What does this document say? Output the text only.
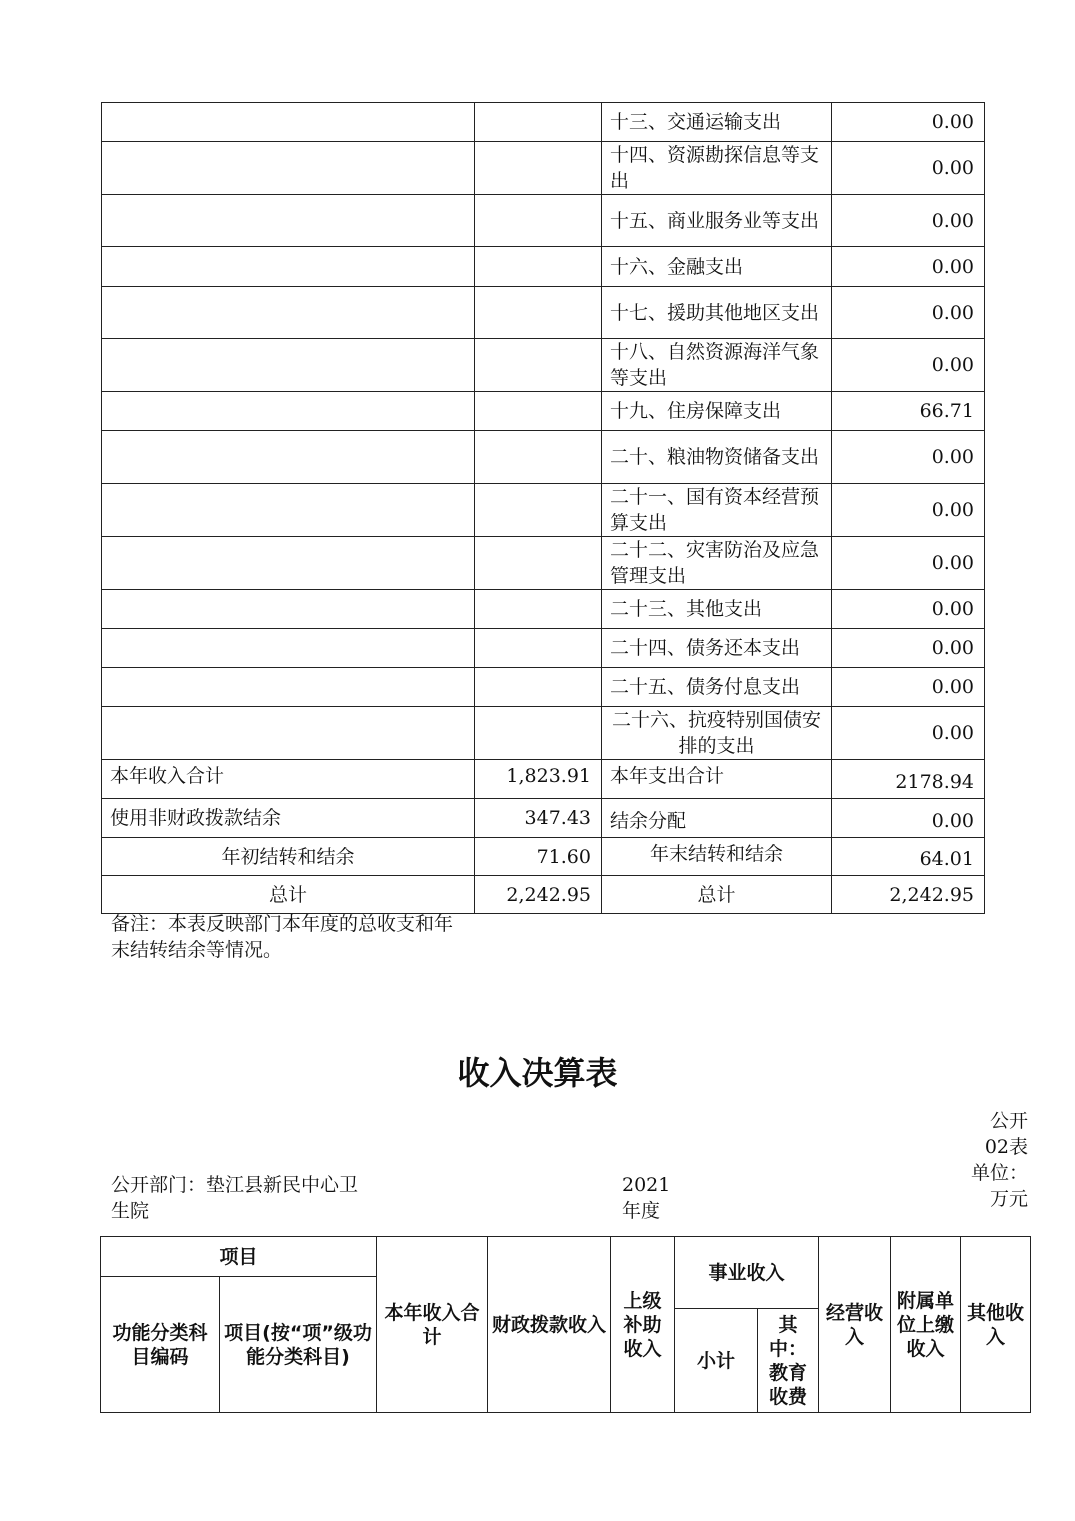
		十三、交通运输支出	0.00
		十四、资源勘探信息等支出	0.00
		十五、商业服务业等支出	0.00
		十六、金融支出	0.00
		十七、援助其他地区支出	0.00
		十八、自然资源海洋气象等支出	0.00
		十九、住房保障支出	66.71
		二十、粮油物资储备支出	0.00
		二十一、国有资本经营预算支出	0.00
		二十二、灾害防治及应急管理支出	0.00
		二十三、其他支出	0.00
		二十四、债务还本支出	0.00
		二十五、债务付息支出	0.00
		二十六、抗疫特别国债安排的支出	0.00
本年收入合计	1,823.91	本年支出合计	2178.94
使用非财政拨款结余	347.43	结余分配	0.00
年初结转和结余	71.60	年末结转和结余	64.01
总计	2,242.95	总计	2,242.95
备注：本表反映部门本年度的总收支和年末结转结余等情况。
收入决算表
公开02表
单位：万元
公开部门：垫江县新民中心卫生院
2021年度
项目		本年收入合计	财政拨款收入	上级补助收入	事业收入		经营收入	附属单位上缴收入	其他收入
功能分类科目编码	项目(按“项”级功能分类科目)								
					小计	其中：教育收费			
